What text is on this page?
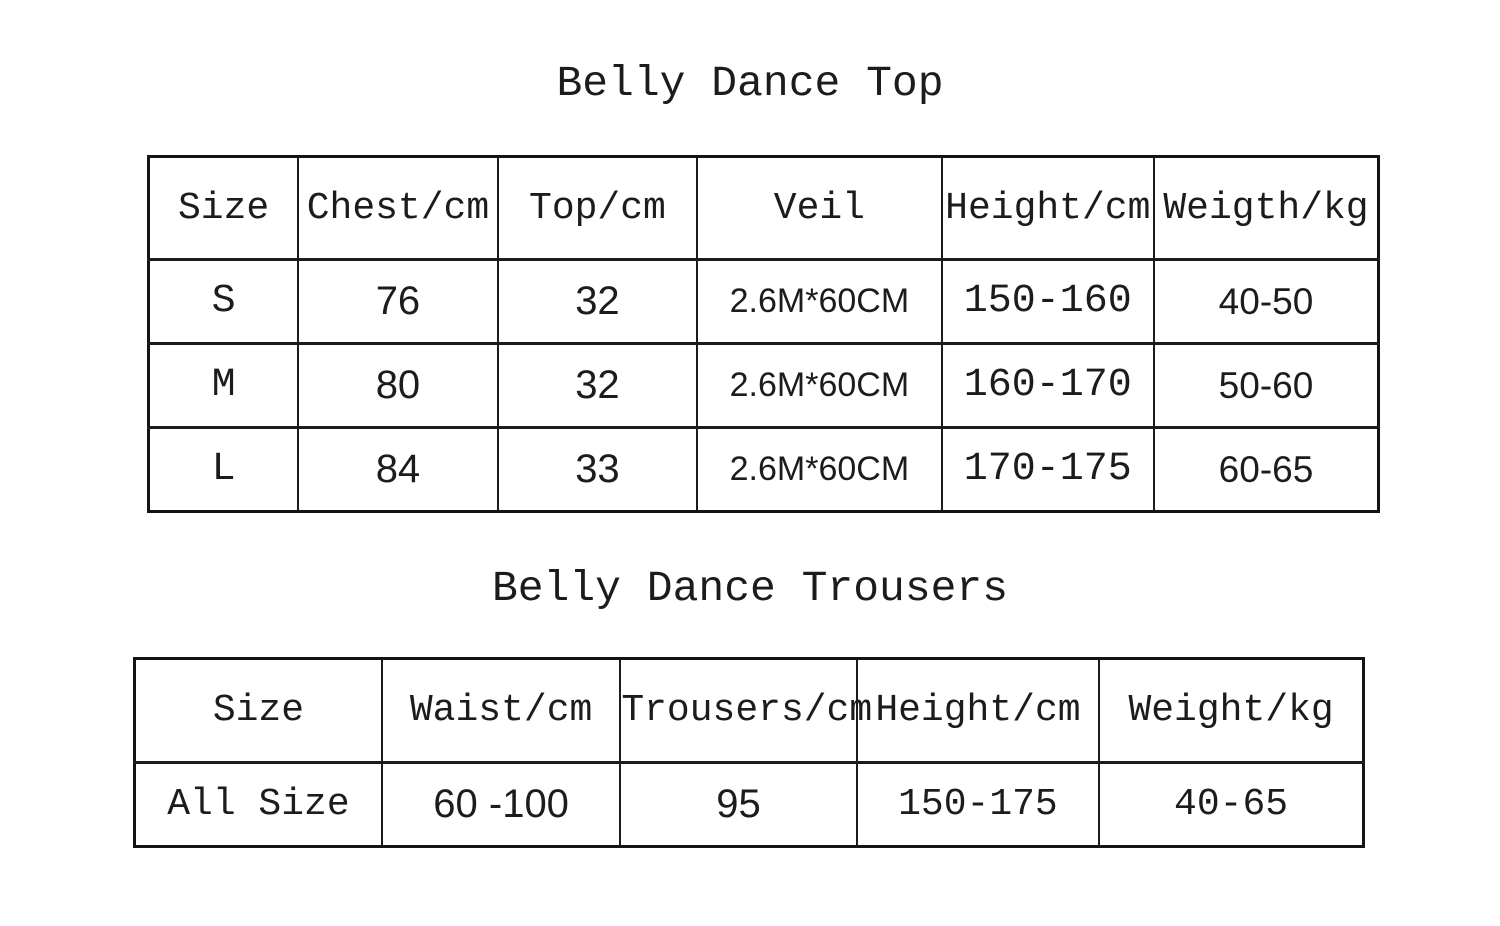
Belly Dance Top
Size	Chest/cm	Top/cm	Veil	Height/cm	Weigth/kg
S	76	32	2.6M*60CM	150-160	40-50
M	80	32	2.6M*60CM	160-170	50-60
L	84	33	2.6M*60CM	170-175	60-65
Belly Dance Trousers
Size	Waist/cm	Trousers/cm	Height/cm	Weight/kg
All Size	60 -100	95	150-175	40-65
